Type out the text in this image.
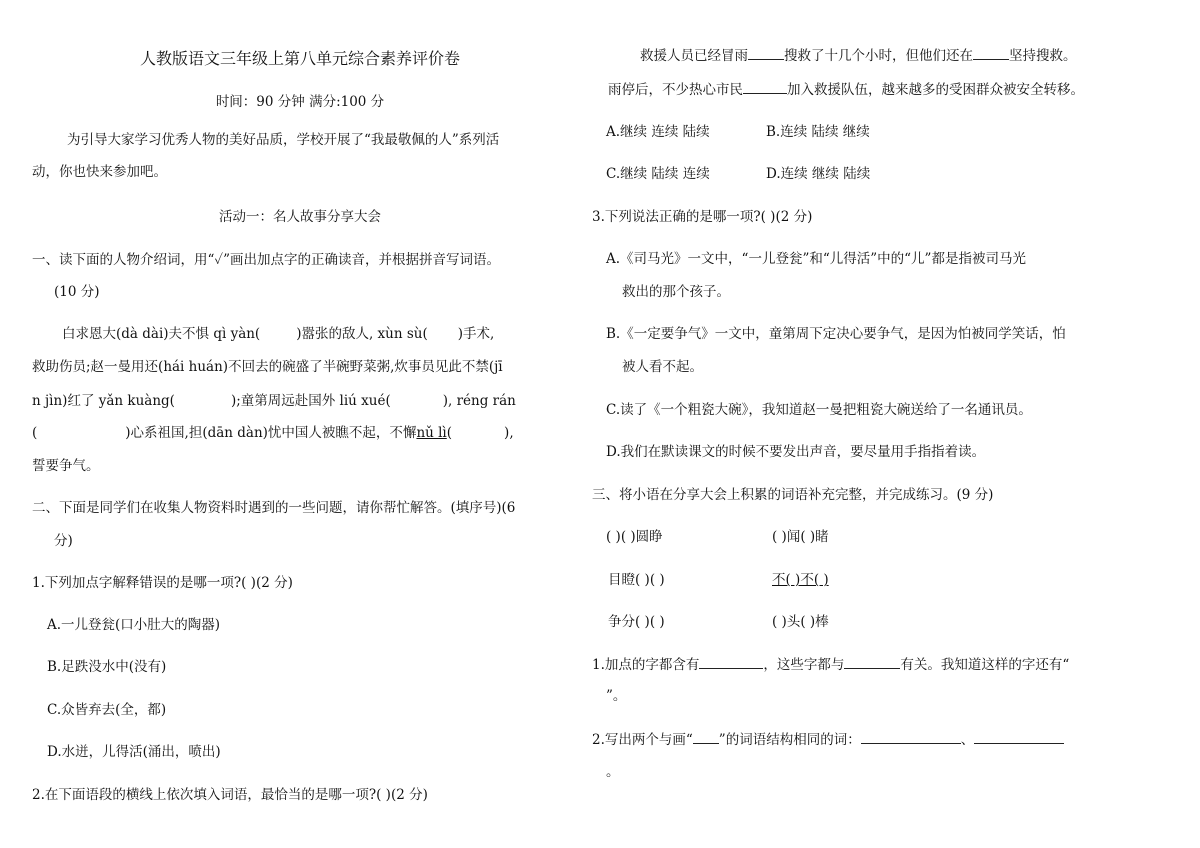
人教版语文三年级上第八单元综合素养评价卷
时间：90 分钟 满分:100 分
为引导大家学习优秀人物的美好品质，学校开展了“我最敬佩的人”系列活
动，你也快来参加吧。
活动一：名人故事分享大会
一、读下面的人物介绍词，用“✓”画出加点字的正确读音，并根据拼音写词语。
(10 分)
白求恩大(dà dài)夫不惧 qì yàn(	)嚣张的敌人, xùn sù( )手术,
救助伤员;赵一曼用还(hái huán)不回去的碗盛了半碗野菜粥,炊事员见此不禁(jī
n jìn)红了 yǎn kuàng(	);童第周远赴国外 liú xué(	), réng rán
(	)心系祖国,担(dān dàn)忧中国人被瞧不起，不懈nǔ lì(	),
誓要争气。
二、下面是同学们在收集人物资料时遇到的一些问题，请你帮忙解答。(填序号)(6
分)
1.下列加点字解释错误的是哪一项?( )(2 分)
A.一儿登瓮(口小肚大的陶器)
B.足跌没水中(没有)
C.众皆弃去(全，都)
D.水迸，儿得活(涌出，喷出)
2.在下面语段的横线上依次填入词语，最恰当的是哪一项?( )(2 分)
救援人员已经冒雨	搜救了十几个小时，但他们还在	坚持搜救。
雨停后，不少热心市民	加入救援队伍，越来越多的受困群众被安全转移。
A.继续 连续 陆续	B.连续 陆续 继续
C.继续 陆续 连续	D.连续 继续 陆续
3.下列说法正确的是哪一项?( )(2 分)
A.《司马光》一文中，“一儿登瓮”和“儿得活”中的“儿”都是指被司马光
救出的那个孩子。
B.《一定要争气》一文中，童第周下定决心要争气，是因为怕被同学笑话，怕
被人看不起。
C.读了《一个粗瓷大碗》，我知道赵一曼把粗瓷大碗送给了一名通讯员。
D.我们在默读课文的时候不要发出声音，要尽量用手指指着读。
三、将小语在分享大会上积累的词语补充完整，并完成练习。(9 分)
( )( )圆睁	( )闻( )睹
目瞪( )( )	不( )不( )
争分( )( )	( )头( )棒
1.加点的字都含有	，这些字都与	有关。我知道这样的字还有“
”。
2.写出两个与画“ ”的词语结构相同的词：	、
。
